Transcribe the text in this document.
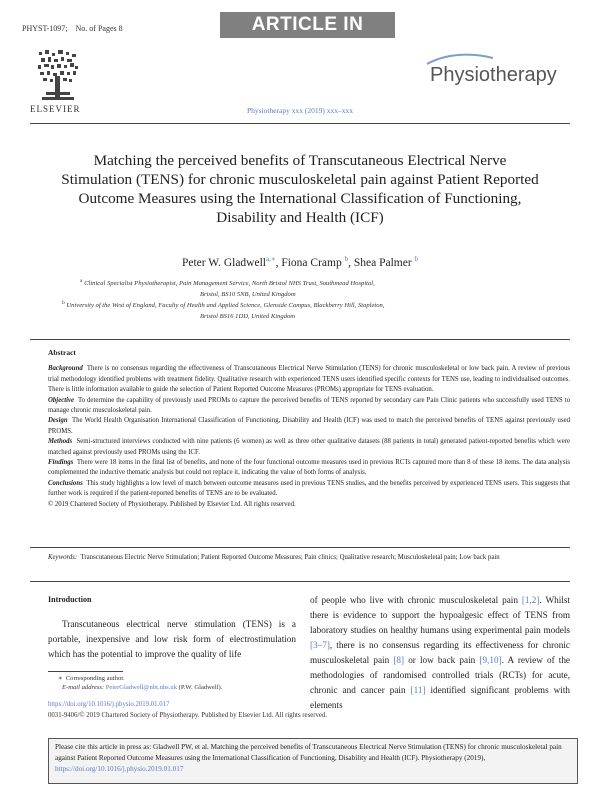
PHYST-1097; No. of Pages 8	ARTICLE IN PRESS
ELSEVIER	Physiotherapy xxx (2019) xxx–xxx
Physiotherapy
Matching the perceived benefits of Transcutaneous Electrical Nerve Stimulation (TENS) for chronic musculoskeletal pain against Patient Reported Outcome Measures using the International Classification of Functioning, Disability and Health (ICF)
Peter W. Gladwell$^{a,∗}$, Fiona Cramp $^b$, Shea Palmer $^b$
$^a$ Clinical Specialist Physiotherapist, Pain Management Service, North Bristol NHS Trust, Southmead Hospital,
Bristol, BS10 5NB, United Kingdom
$^b$ University of the West of England, Faculty of Health and Applied Science, Glenside Campus, Blackberry Hill, Stapleton,
Bristol BS16 1DD, United Kingdom

Abstract

Background There is no consensus regarding the effectiveness of Transcutaneous Electrical Nerve Stimulation (TENS) for chronic musculoskeletal or low back pain. A review of previous trial methodology identified problems with treatment fidelity. Qualitative research with experienced TENS users identified specific contexts for TENS use, leading to individualised outcomes. There is little information available to guide the selection of Patient Reported Outcome Measures (PROMs) appropriate for TENS evaluation.

Objective To determine the capability of previously used PROMs to capture the perceived benefits of TENS reported by secondary care Pain Clinic patients who successfully used TENS to manage chronic musculoskeletal pain.

Design The World Health Organisation International Classification of Functioning, Disability and Health (ICF) was used to match the perceived benefits of TENS against previously used PROMS.

Methods Semi-structured interviews conducted with nine patients (6 women) as well as three other qualitative datasets (88 patients in total) generated patient-reported benefits which were matched against previously used PROMs using the ICF.

Findings There were 18 items in the final list of benefits, and none of the four functional outcome measures used in previous RCTs captured more than 8 of these 18 items. The data analysis complemented the inductive thematic analysis but could not replace it, indicating the value of both forms of analysis.

Conclusions This study highlights a low level of match between outcome measures used in previous TENS studies, and the benefits perceived by experienced TENS users. This suggests that further work is required if the patient-reported benefits of TENS are to be evaluated.

© 2019 Chartered Society of Physiotherapy. Published by Elsevier Ltd. All rights reserved.

Keywords: Transcutaneous Electric Nerve Stimulation; Patient Reported Outcome Measures; Pain clinics; Qualitative research; Musculoskeletal pain; Low back pain
Introduction
Transcutaneous electrical nerve stimulation (TENS) is a portable, inexpensive and low risk form of electrostimulation which has the potential to improve the quality of life
of people who live with chronic musculoskeletal pain [1,2]. Whilst there is evidence to support the hypoalgesic effect of TENS from laboratory studies on healthy humans using experimental pain models [3–7], there is no consensus regarding its effectiveness for chronic musculoskeletal pain [8] or low back pain [9,10]. A review of the methodologies of randomised controlled trials (RCTs) for acute, chronic and cancer pain [11] identified significant problems with elements
∗  Corresponding author.
E-mail address: PeterGladwell@nbt.nhs.uk (P.W. Gladwell).
https://doi.org/10.1016/j.physio.2019.01.017
0031-9406/© 2019 Chartered Society of Physiotherapy. Published by Elsevier Ltd. All rights reserved.
Please cite this article in press as: Gladwell PW, et al. Matching the perceived benefits of Transcutaneous Electrical Nerve Stimulation (TENS) for chronic musculoskeletal pain against Patient Reported Outcome Measures using the International Classification of Functioning, Disability and Health (ICF). Physiotherapy (2019), https://doi.org/10.1016/j.physio.2019.01.017
